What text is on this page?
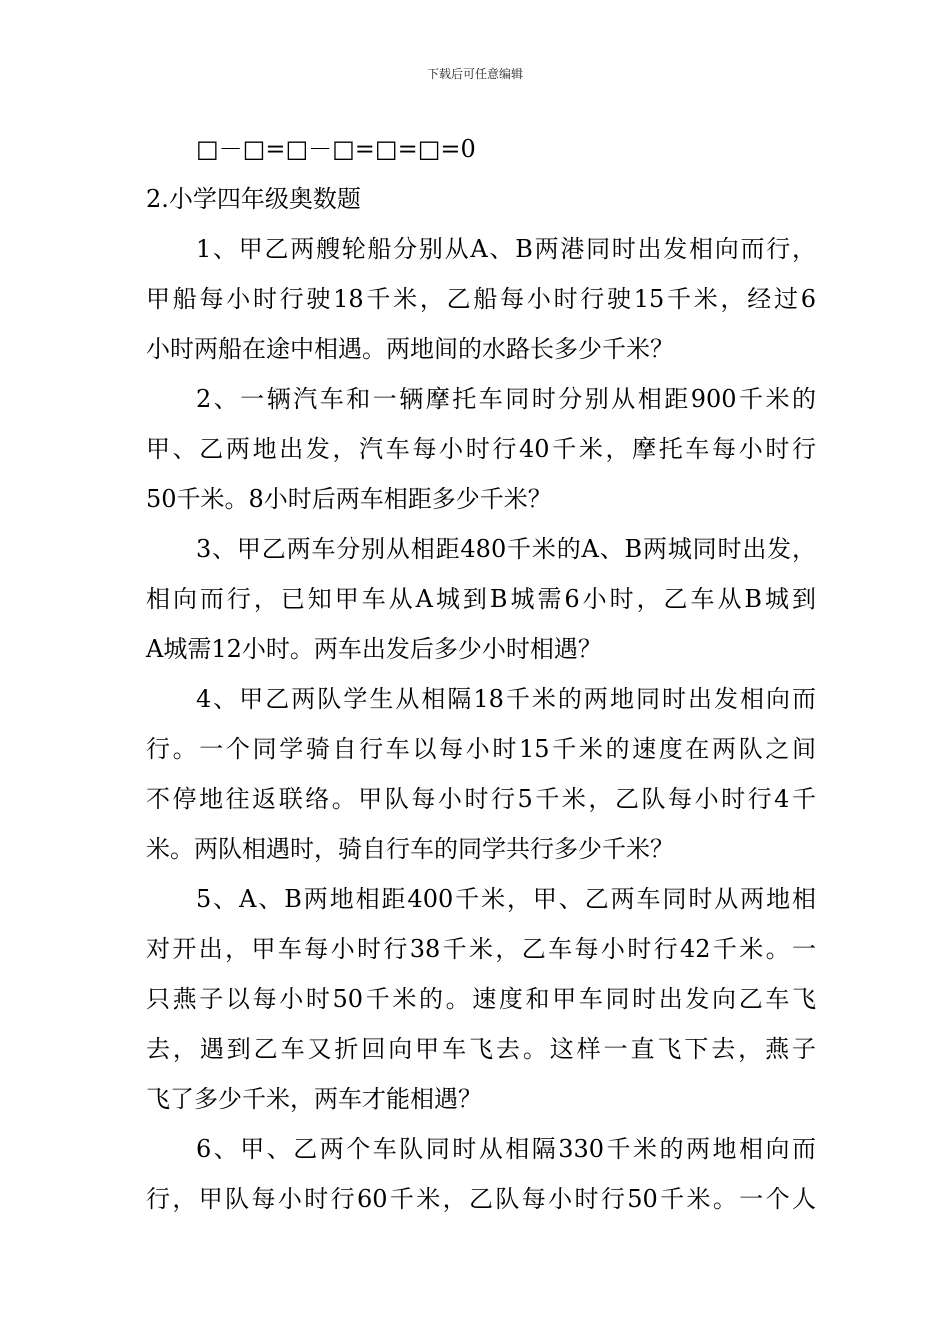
下载后可任意编辑
□－□=□－□=□=□=0
2.小学四年级奥数题
1、甲乙两艘轮船分别从A、B两港同时出发相向而行，
甲船每小时行驶18千米，乙船每小时行驶15千米，经过6
小时两船在途中相遇。两地间的水路长多少千米？
2、一辆汽车和一辆摩托车同时分别从相距900千米的
甲、乙两地出发，汽车每小时行40千米，摩托车每小时行
50千米。8小时后两车相距多少千米？
3、甲乙两车分别从相距480千米的A、B两城同时出发，
相向而行，已知甲车从A城到B城需6小时，乙车从B城到
A城需12小时。两车出发后多少小时相遇？
4、甲乙两队学生从相隔18千米的两地同时出发相向而
行。一个同学骑自行车以每小时15千米的速度在两队之间
不停地往返联络。甲队每小时行5千米，乙队每小时行4千
米。两队相遇时，骑自行车的同学共行多少千米？
5、A、B两地相距400千米，甲、乙两车同时从两地相
对开出，甲车每小时行38千米，乙车每小时行42千米。一
只燕子以每小时50千米的。速度和甲车同时出发向乙车飞
去，遇到乙车又折回向甲车飞去。这样一直飞下去，燕子
飞了多少千米，两车才能相遇？
6、甲、乙两个车队同时从相隔330千米的两地相向而
行，甲队每小时行60千米，乙队每小时行50千米。一个人
